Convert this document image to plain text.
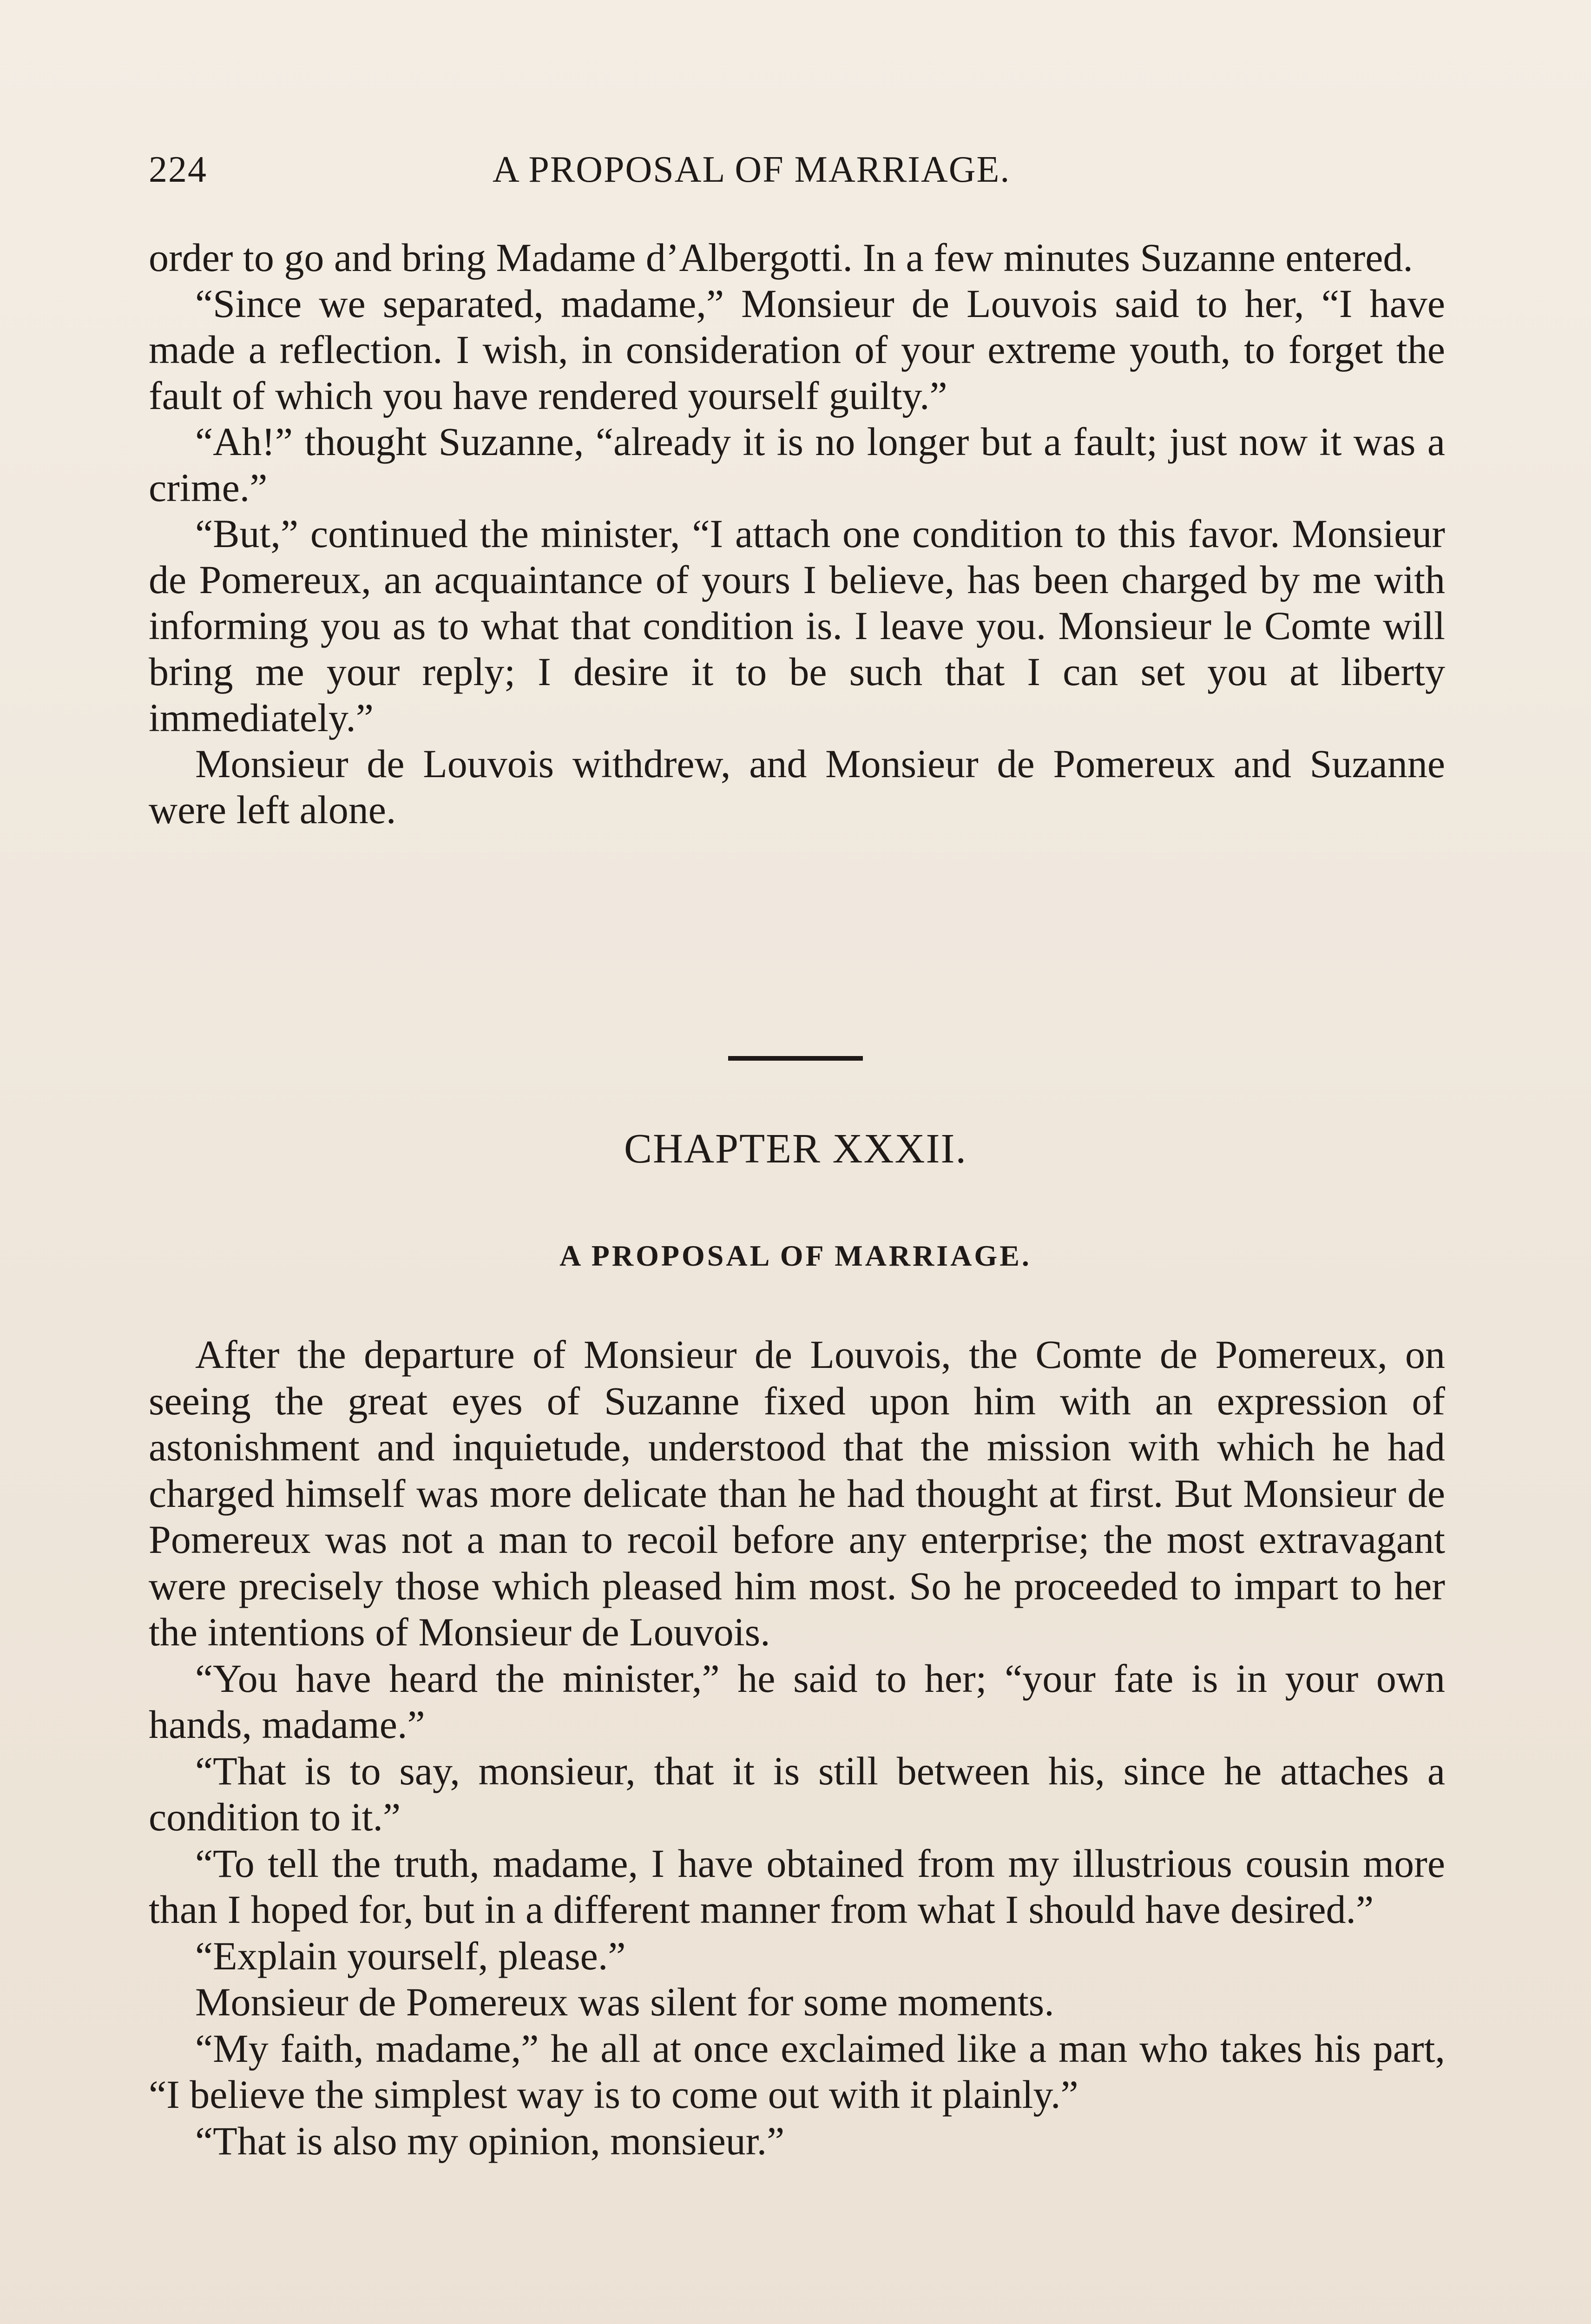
224	A PROPOSAL OF MARRIAGE.

order to go and bring Madame d’Albergotti. In a few minutes Suzanne entered.

“Since we separated, madame,” Monsieur de Louvois said to her, “I have made a reflection. I wish, in consideration of your extreme youth, to forget the fault of which you have rendered yourself guilty.”

“Ah!” thought Suzanne, “already it is no longer but a fault; just now it was a crime.”

“But,” continued the minister, “I attach one condition to this favor. Monsieur de Pomereux, an acquaintance of yours I believe, has been charged by me with informing you as to what that condition is. I leave you. Monsieur le Comte will bring me your reply; I desire it to be such that I can set you at liberty immediately.”

Monsieur de Louvois withdrew, and Monsieur de Pomereux and Suzanne were left alone.

CHAPTER XXXII.
A PROPOSAL OF MARRIAGE.

After the departure of Monsieur de Louvois, the Comte de Pomereux, on seeing the great eyes of Suzanne fixed upon him with an expression of astonishment and inquietude, understood that the mission with which he had charged himself was more delicate than he had thought at first. But Monsieur de Pomereux was not a man to recoil before any enterprise; the most extravagant were precisely those which pleased him most. So he proceeded to impart to her the intentions of Monsieur de Louvois.

“You have heard the minister,” he said to her; “your fate is in your own hands, madame.”

“That is to say, monsieur, that it is still between his, since he attaches a condition to it.”

“To tell the truth, madame, I have obtained from my illustrious cousin more than I hoped for, but in a different manner from what I should have desired.”

“Explain yourself, please.”

Monsieur de Pomereux was silent for some moments.

“My faith, madame,” he all at once exclaimed like a man who takes his part, “I believe the simplest way is to come out with it plainly.”

“That is also my opinion, monsieur.”
